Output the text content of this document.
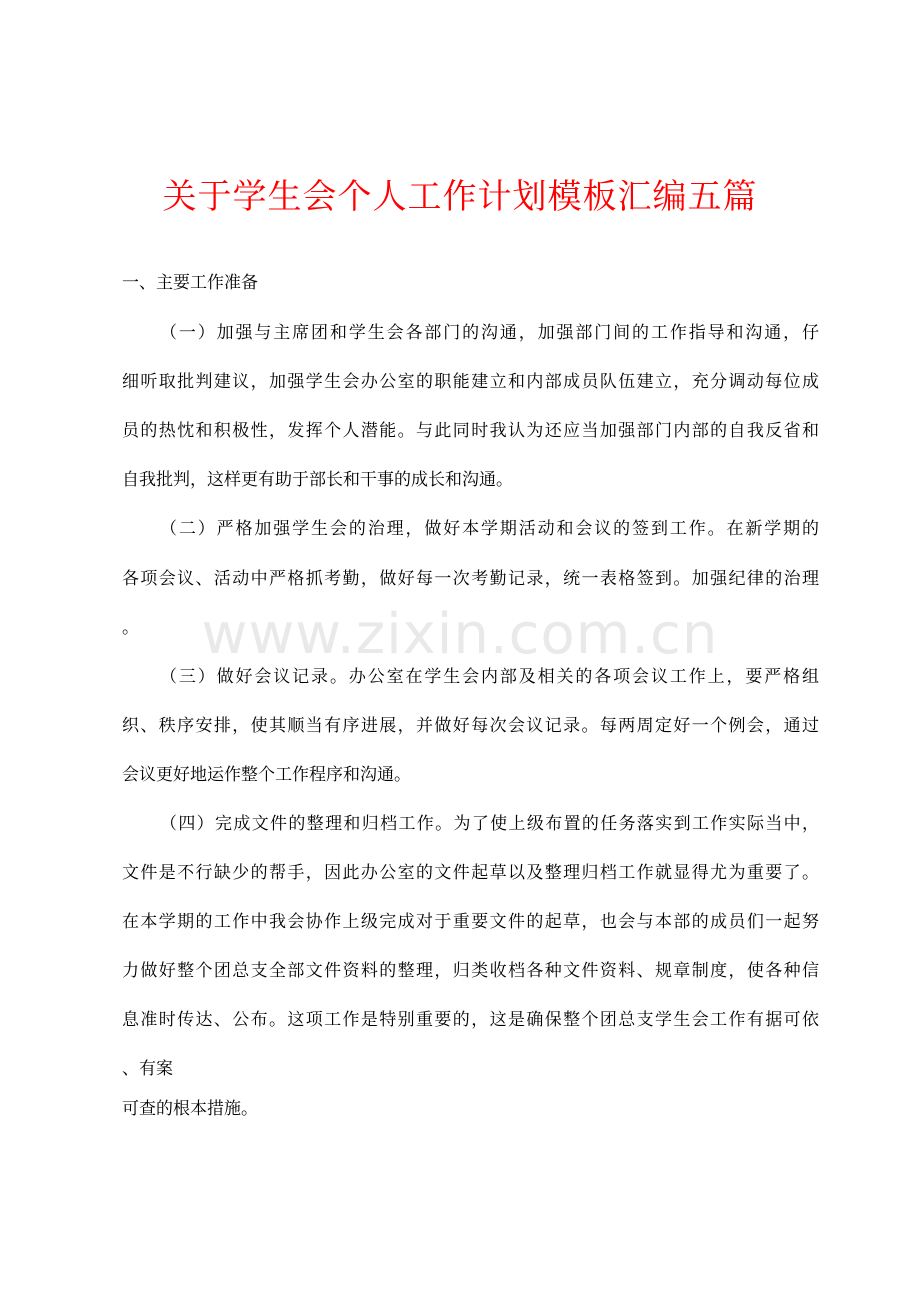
关于学生会个人工作计划模板汇编五篇
一、主要工作准备
（一）加强与主席团和学生会各部门的沟通，加强部门间的工作指导和沟通，仔
细听取批判建议，加强学生会办公室的职能建立和内部成员队伍建立，充分调动每位成
员的热忱和积极性，发挥个人潜能。与此同时我认为还应当加强部门内部的自我反省和
自我批判，这样更有助于部长和干事的成长和沟通。
（二）严格加强学生会的治理，做好本学期活动和会议的签到工作。在新学期的
各项会议、活动中严格抓考勤，做好每一次考勤记录，统一表格签到。加强纪律的治理
。
（三）做好会议记录。办公室在学生会内部及相关的各项会议工作上，要严格组
织、秩序安排，使其顺当有序进展，并做好每次会议记录。每两周定好一个例会，通过
会议更好地运作整个工作程序和沟通。
（四）完成文件的整理和归档工作。为了使上级布置的任务落实到工作实际当中，
文件是不行缺少的帮手，因此办公室的文件起草以及整理归档工作就显得尤为重要了。
在本学期的工作中我会协作上级完成对于重要文件的起草，也会与本部的成员们一起努
力做好整个团总支全部文件资料的整理，归类收档各种文件资料、规章制度，使各种信
息准时传达、公布。这项工作是特别重要的，这是确保整个团总支学生会工作有据可依
、有案
可查的根本措施。
www.zixin.com.cn
